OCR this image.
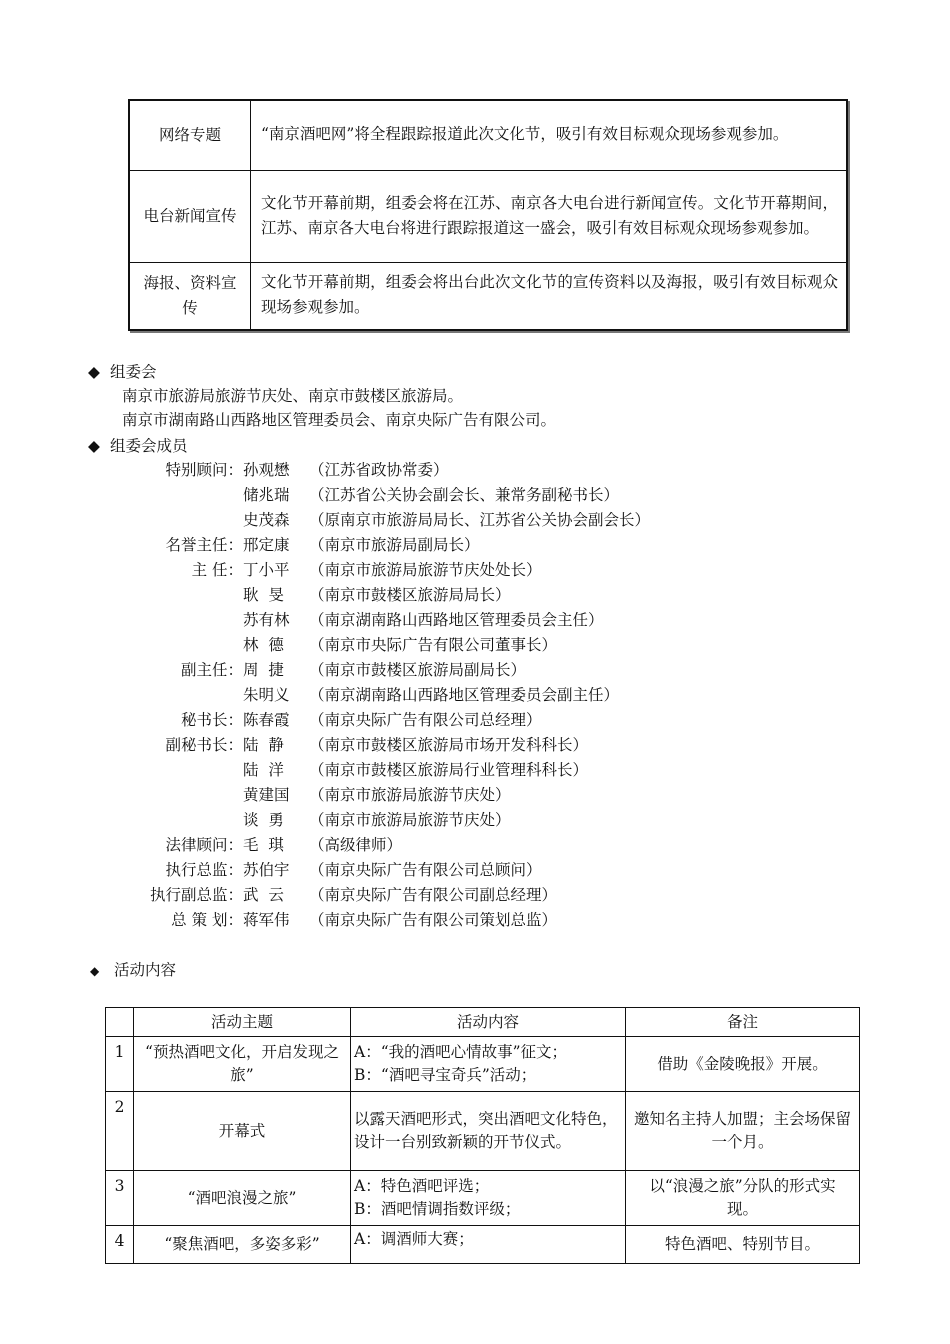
网络专题	“南京酒吧网”将全程跟踪报道此次文化节，吸引有效目标观众现场参观参加。
电台新闻宣传	文化节开幕前期，组委会将在江苏、南京各大电台进行新闻宣传。文化节开幕期间，江苏、南京各大电台将进行跟踪报道这一盛会，吸引有效目标观众现场参观参加。
海报、资料宣传	文化节开幕前期，组委会将出台此次文化节的宣传资料以及海报，吸引有效目标观众现场参观参加。
◆ 组委会
南京市旅游局旅游节庆处、南京市鼓楼区旅游局。
南京市湖南路山西路地区管理委员会、南京央际广告有限公司。
◆ 组委会成员
特别顾问： 孙观懋 （江苏省政协常委）
储兆瑞 （江苏省公关协会副会长、兼常务副秘书长）
史茂森 （原南京市旅游局局长、江苏省公关协会副会长）
名誉主任： 邢定康 （南京市旅游局副局长）
主 任： 丁小平 （南京市旅游局旅游节庆处处长）
耿  旻 （南京市鼓楼区旅游局局长）
苏有林 （南京湖南路山西路地区管理委员会主任）
林  德 （南京市央际广告有限公司董事长）
副主任： 周  捷 （南京市鼓楼区旅游局副局长）
朱明义 （南京湖南路山西路地区管理委员会副主任）
秘书长： 陈春霞 （南京央际广告有限公司总经理）
副秘书长： 陆  静 （南京市鼓楼区旅游局市场开发科科长）
陆  洋 （南京市鼓楼区旅游局行业管理科科长）
黄建国 （南京市旅游局旅游节庆处）
谈  勇 （南京市旅游局旅游节庆处）
法律顾问： 毛  琪 （高级律师）
执行总监： 苏伯宇 （南京央际广告有限公司总顾问）
执行副总监： 武  云 （南京央际广告有限公司副总经理）
总 策 划： 蒋军伟 （南京央际广告有限公司策划总监）
◆ 活动内容
	活动主题	活动内容	备注
1	“预热酒吧文化，开启发现之旅”	A：“我的酒吧心情故事”征文；
B：“酒吧寻宝奇兵”活动；	借助《金陵晚报》开展。
2	开幕式	以露天酒吧形式，突出酒吧文化特色，设计一台别致新颖的开节仪式。	邀知名主持人加盟；主会场保留一个月。
3	“酒吧浪漫之旅”	A：特色酒吧评选；
B：酒吧情调指数评级；	以“浪漫之旅”分队的形式实现。
4	“聚焦酒吧，多姿多彩”	A：调酒师大赛；	特色酒吧、特别节目。
